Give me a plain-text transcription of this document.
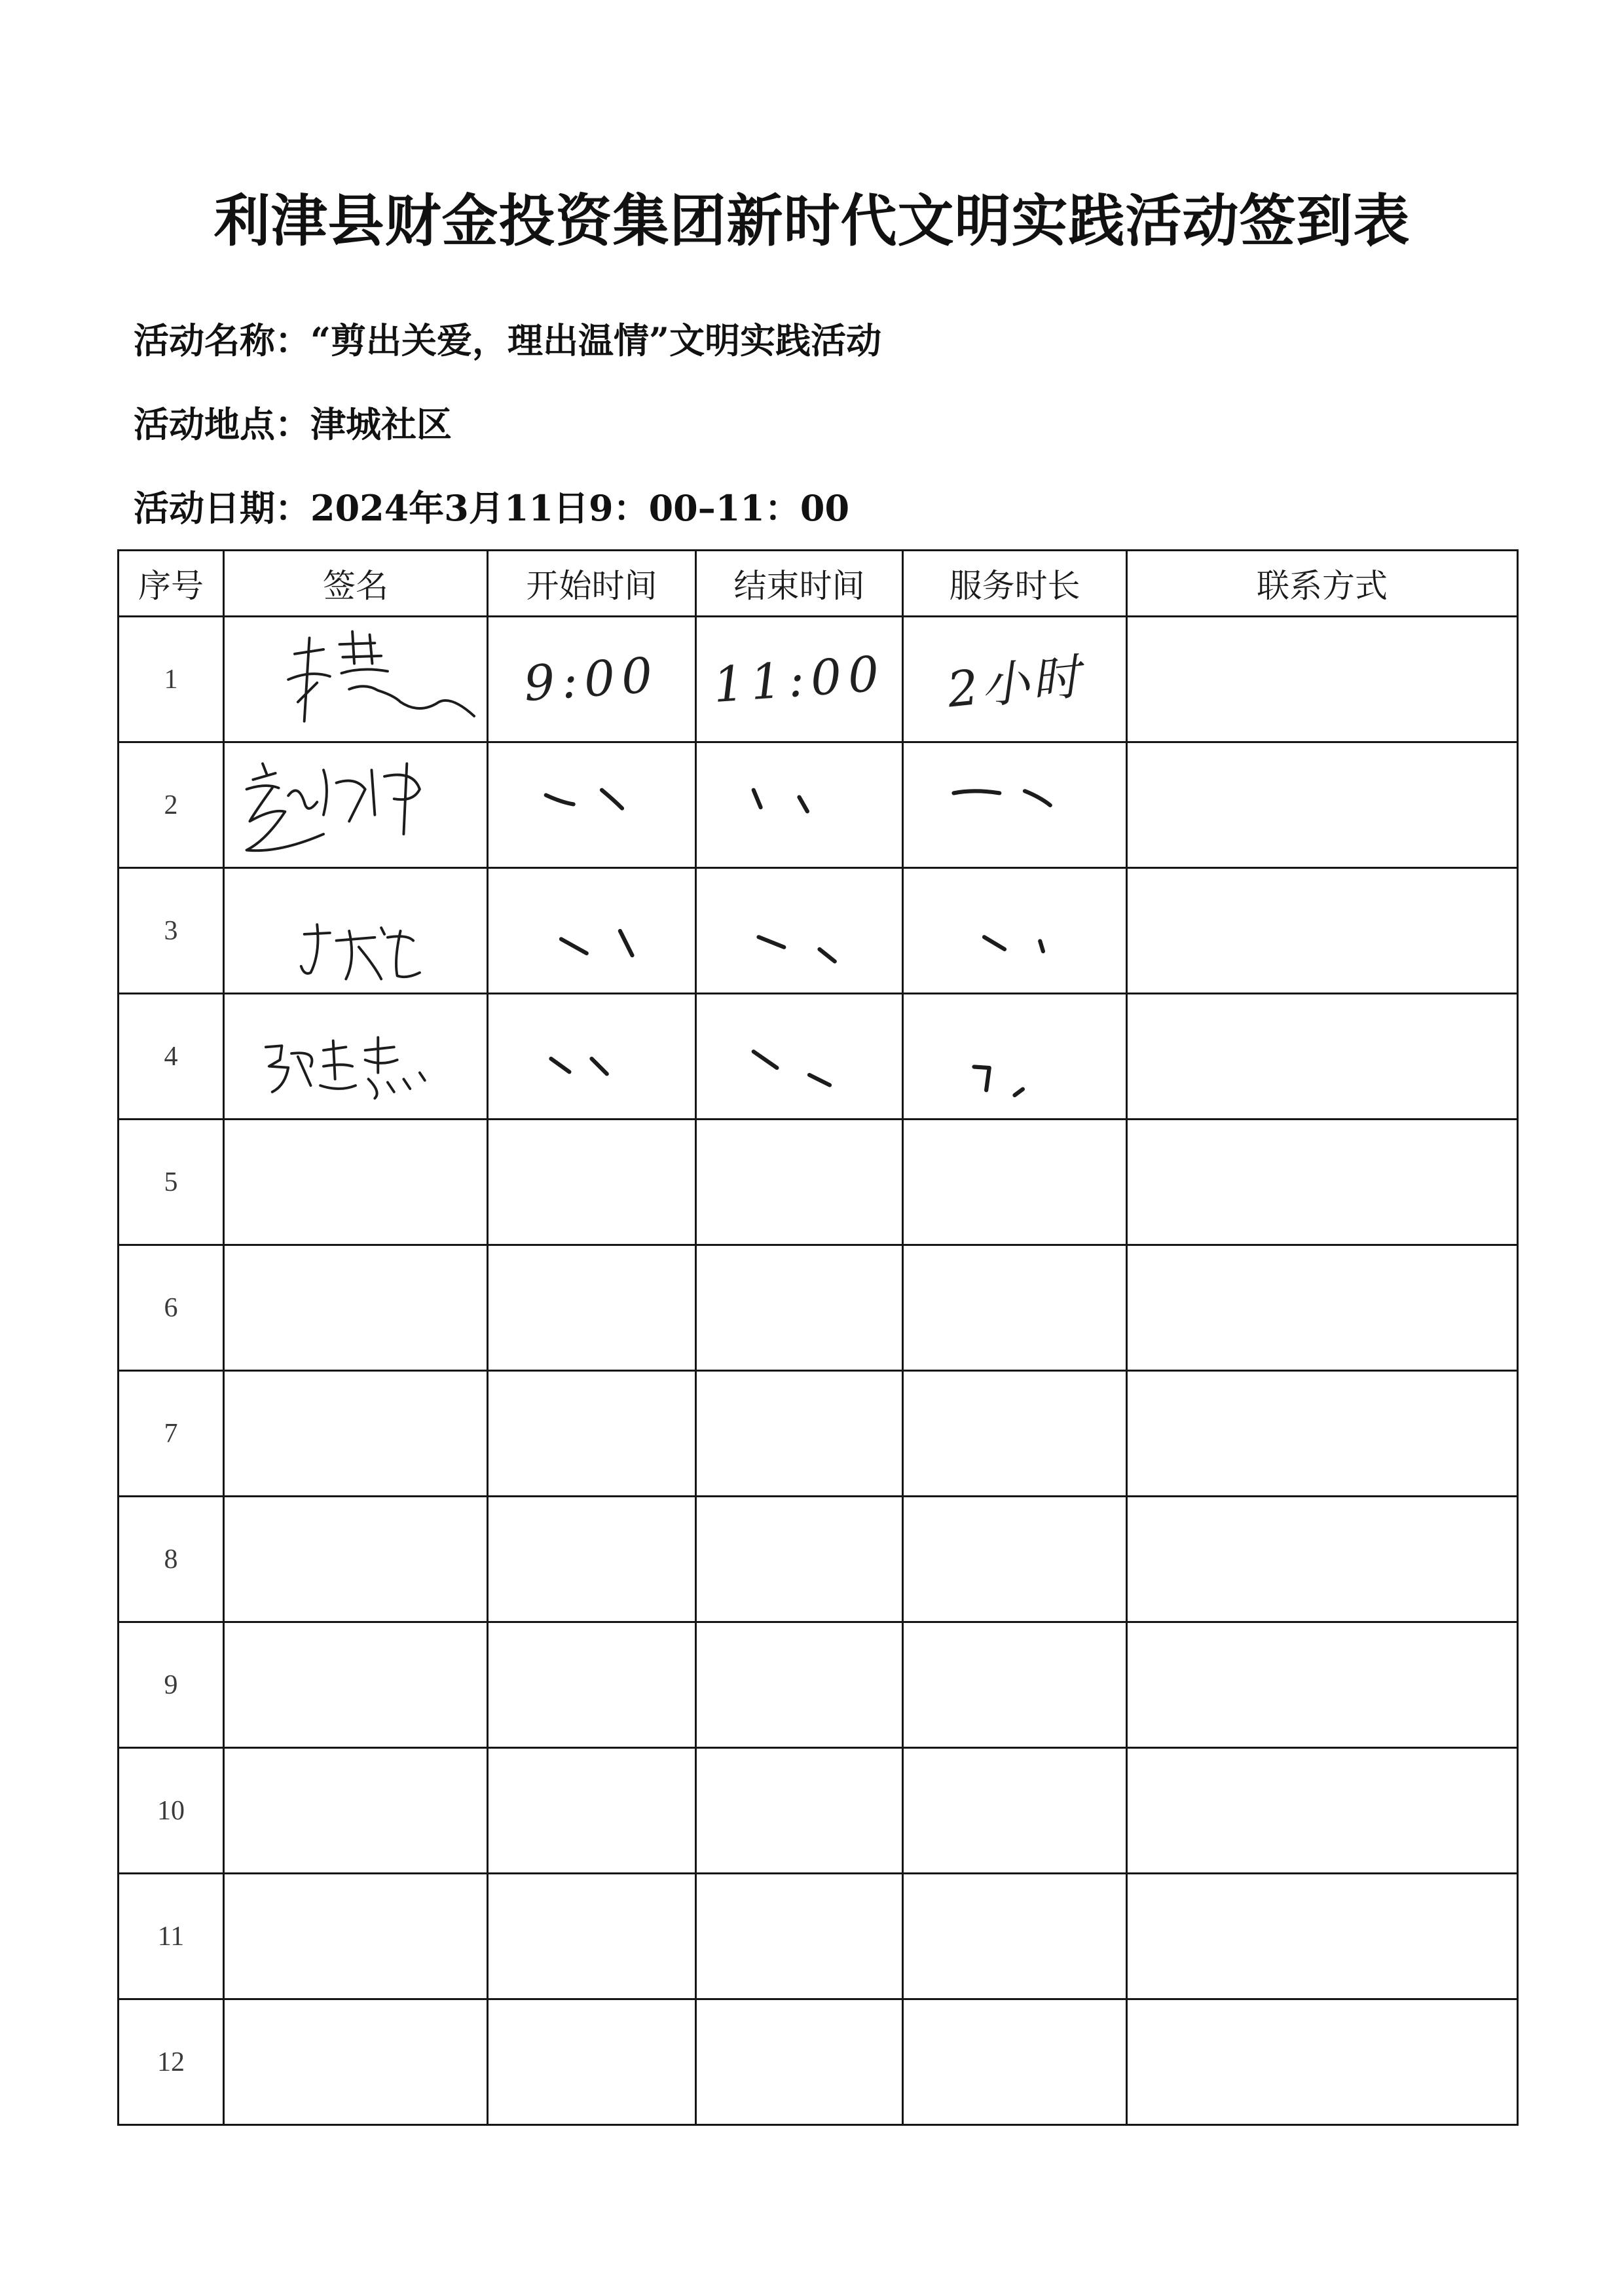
利津县财金投资集团新时代文明实践活动签到表
活动名称：“剪出关爱，理出温情”文明实践活动
活动地点：津城社区
活动日期：2024年3月11日9：00–11：00
序号	签名	开始时间	结束时间	服务时长	联系方式
1		9:00	11:00	2小时	
2	

3	

4	

5					
6					
7					
8					
9					
10					
11					
12					
